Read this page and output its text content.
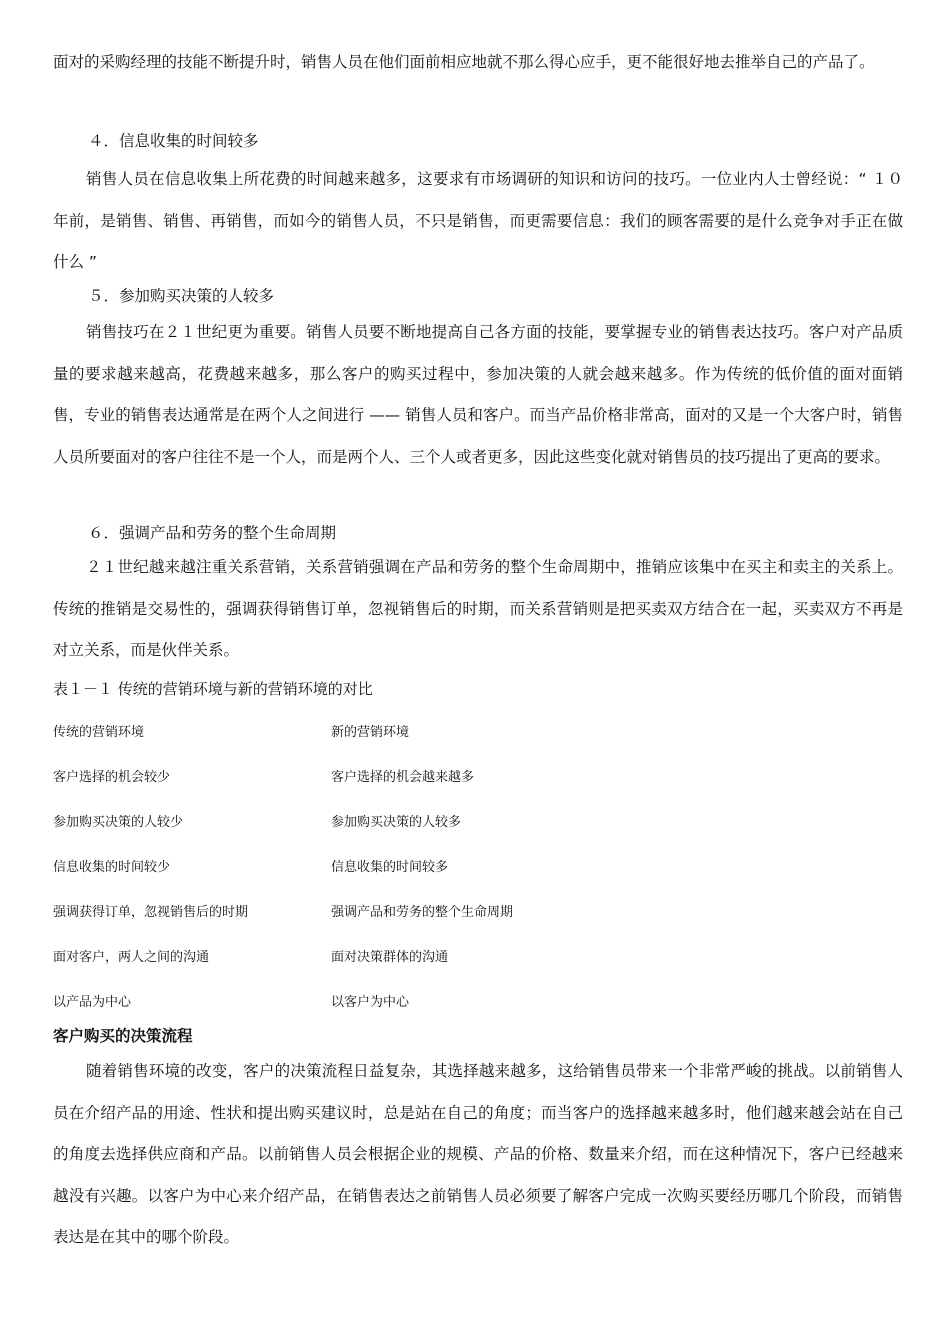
面对的采购经理的技能不断提升时，销售人员在他们面前相应地就不那么得心应手，更不能很好地去推举自己的产品了。

４．信息收集的时间较多

销售人员在信息收集上所花费的时间越来越多，这要求有市场调研的知识和访问的技巧。一位业内人士曾经说：“ １０年前，是销售、销售、再销售，而如今的销售人员，不只是销售，而更需要信息：我们的顾客需要的是什么竞争对手正在做什么 ”

５．参加购买决策的人较多

销售技巧在２１世纪更为重要。销售人员要不断地提高自己各方面的技能，要掌握专业的销售表达技巧。客户对产品质量的要求越来越高，花费越来越多，那么客户的购买过程中，参加决策的人就会越来越多。作为传统的低价值的面对面销售，专业的销售表达通常是在两个人之间进行 —— 销售人员和客户。而当产品价格非常高，面对的又是一个大客户时，销售人员所要面对的客户往往不是一个人，而是两个人、三个人或者更多，因此这些变化就对销售员的技巧提出了更高的要求。

６．强调产品和劳务的整个生命周期

２１世纪越来越注重关系营销，关系营销强调在产品和劳务的整个生命周期中，推销应该集中在买主和卖主的关系上。传统的推销是交易性的，强调获得销售订单，忽视销售后的时期，而关系营销则是把买卖双方结合在一起，买卖双方不再是对立关系，而是伙伴关系。

表１－１ 传统的营销环境与新的营销环境的对比

传统的营销环境	新的营销环境
客户选择的机会较少	客户选择的机会越来越多
参加购买决策的人较少	参加购买决策的人较多
信息收集的时间较少	信息收集的时间较多
强调获得订单，忽视销售后的时期	强调产品和劳务的整个生命周期
面对客户，两人之间的沟通	面对决策群体的沟通
以产品为中心	以客户为中心

客户购买的决策流程

随着销售环境的改变，客户的决策流程日益复杂，其选择越来越多，这给销售员带来一个非常严峻的挑战。以前销售人员在介绍产品的用途、性状和提出购买建议时，总是站在自己的角度；而当客户的选择越来越多时，他们越来越会站在自己的角度去选择供应商和产品。以前销售人员会根据企业的规模、产品的价格、数量来介绍，而在这种情况下，客户已经越来越没有兴趣。以客户为中心来介绍产品，在销售表达之前销售人员必须要了解客户完成一次购买要经历哪几个阶段，而销售表达是在其中的哪个阶段。
